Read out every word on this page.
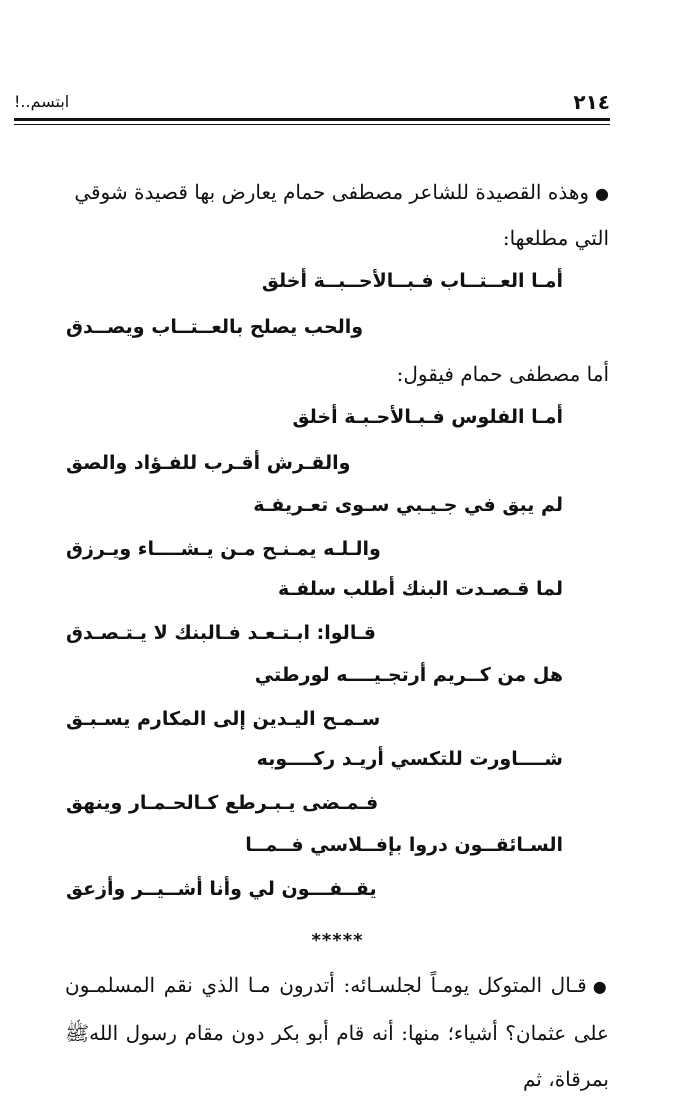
٢١٤
ابتسم..!
●وهذه القصيدة للشاعر مصطفى حمام يعارض بها قصيدة شوقي
التي مطلعها:
أمـا العــتــاب فـبــالأحــبــة أخلق
والحب يصلح بالعــتــاب ويصــدق
أما مصطفى حمام فيقول:
أمـا الفلوس فـبـالأحـبـة أخلق
والقـرش أقـرب للفـؤاد والصق
لم يبق في جـيـبي سـوى تعـريفـة
والـلـه يمـنـح مـن يـشــــاء ويـرزق
لما قـصـدت البنك أطلب سلفـة
قـالوا: ابـتـعـد فـالبنك لا يـتـصـدق
هل من كــريم أرتجـيــــه لورطتي
سـمـح اليـدين إلى المكارم يسـبـق
شــــاورت للتكسي أريـد ركــــوبه
فـمـضى يـبـرطع كـالحـمـار وينهق
السـائقــون دروا بإفــلاسي فــمــا
يقــفـــون لي وأنا أشــيــر وأزعق
*****
●قـال المتوكل يومـاً لجلسـائه: أتدرون مـا الذي نقم المسلمـون على عثمان؟ أشياء؛ منها: أنه قام أبو بكر دون مقام رسول اللهﷺ بمرقاة، ثم
